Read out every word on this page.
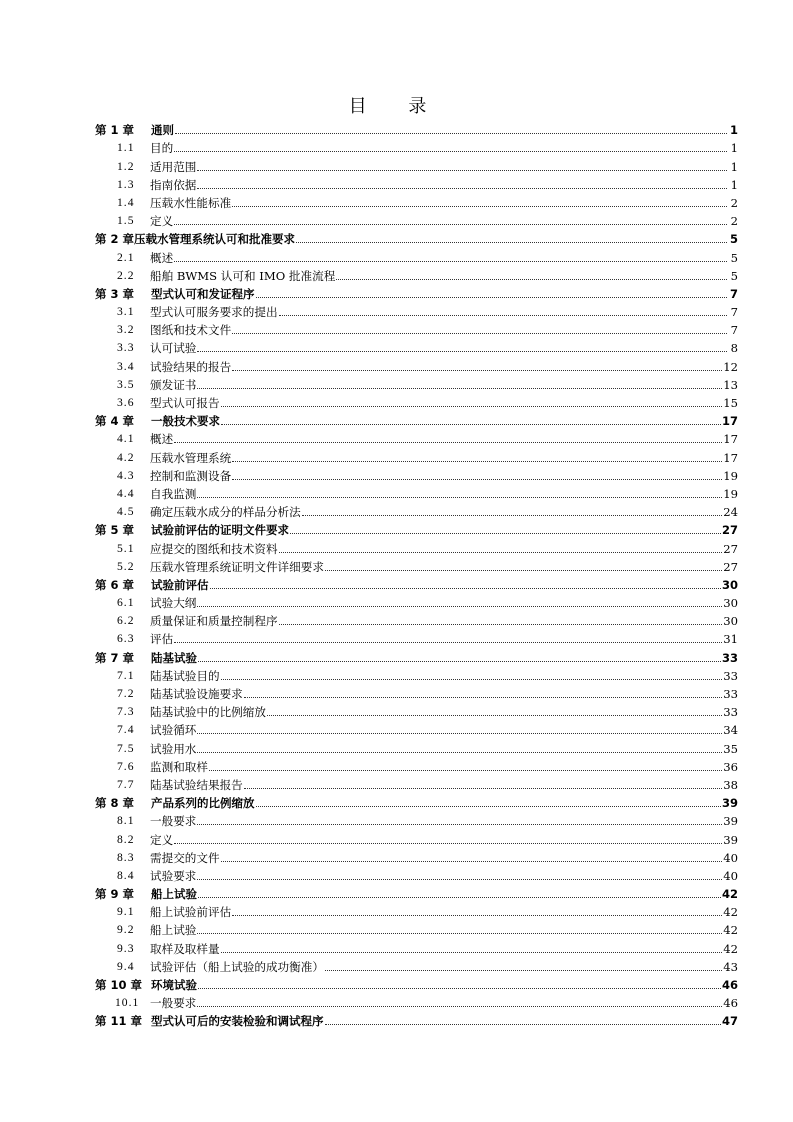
目 录
第 1 章	通则	1
1.1	目的	1
1.2	适用范围	1
1.3	指南依据	1
1.4	压载水性能标准	2
1.5	定义	2
第 2 章 压载水管理系统认可和批准要求	5
2.1	概述	5
2.2	船舶 BWMS 认可和 IMO 批准流程	5
第 3 章	型式认可和发证程序	7
3.1	型式认可服务要求的提出	7
3.2	图纸和技术文件	7
3.3	认可试验	8
3.4	试验结果的报告	12
3.5	颁发证书	13
3.6	型式认可报告	15
第 4 章	一般技术要求	17
4.1	概述	17
4.2	压载水管理系统	17
4.3	控制和监测设备	19
4.4	自我监测	19
4.5	确定压载水成分的样品分析法	24
第 5 章	试验前评估的证明文件要求	27
5.1	应提交的图纸和技术资料	27
5.2	压载水管理系统证明文件详细要求	27
第 6 章	试验前评估	30
6.1	试验大纲	30
6.2	质量保证和质量控制程序	30
6.3	评估	31
第 7 章	陆基试验	33
7.1	陆基试验目的	33
7.2	陆基试验设施要求	33
7.3	陆基试验中的比例缩放	33
7.4	试验循环	34
7.5	试验用水	35
7.6	监测和取样	36
7.7	陆基试验结果报告	38
第 8 章	产品系列的比例缩放	39
8.1	一般要求	39
8.2	定义	39
8.3	需提交的文件	40
8.4	试验要求	40
第 9 章	船上试验	42
9.1	船上试验前评估	42
9.2	船上试验	42
9.3	取样及取样量	42
9.4	试验评估（船上试验的成功衡准）	43
第 10 章 环境试验	46
10.1 一般要求	46
第 11 章 型式认可后的安装检验和调试程序	47
